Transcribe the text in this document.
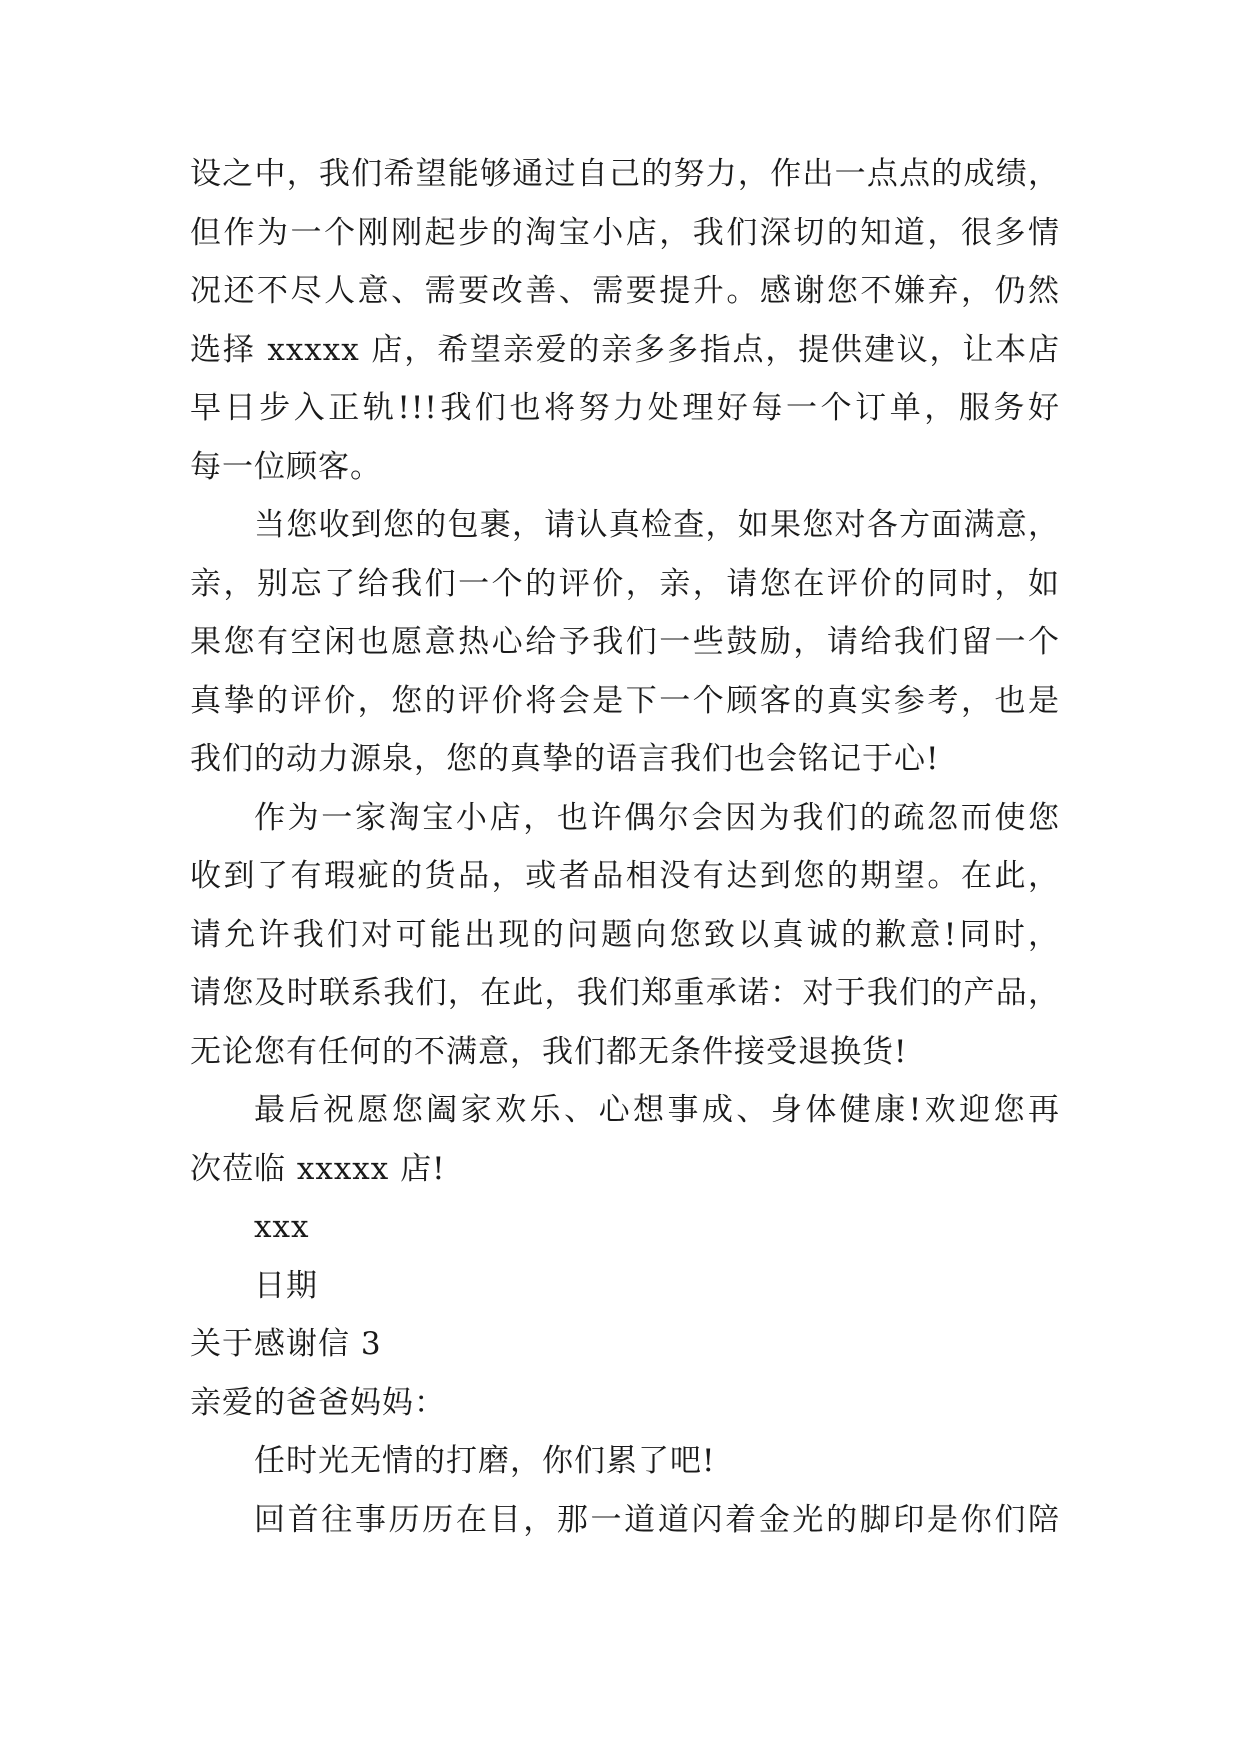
设之中，我们希望能够通过自己的努力，作出一点点的成绩，
但作为一个刚刚起步的淘宝小店，我们深切的知道，很多情
况还不尽人意、需要改善、需要提升。感谢您不嫌弃，仍然
选择 xxxxx 店，希望亲爱的亲多多指点，提供建议，让本店
早日步入正轨!!!我们也将努力处理好每一个订单，服务好
每一位顾客。

当您收到您的包裹，请认真检查，如果您对各方面满意，
亲，别忘了给我们一个的评价，亲，请您在评价的同时，如
果您有空闲也愿意热心给予我们一些鼓励，请给我们留一个
真挚的评价，您的评价将会是下一个顾客的真实参考，也是
我们的动力源泉，您的真挚的语言我们也会铭记于心!

作为一家淘宝小店，也许偶尔会因为我们的疏忽而使您
收到了有瑕疵的货品，或者品相没有达到您的期望。在此，
请允许我们对可能出现的问题向您致以真诚的歉意!同时，
请您及时联系我们，在此，我们郑重承诺：对于我们的产品，
无论您有任何的不满意，我们都无条件接受退换货!

最后祝愿您阖家欢乐、心想事成、身体健康!欢迎您再
次莅临 xxxxx 店!

xxx

日期

关于感谢信 3

亲爱的爸爸妈妈：

任时光无情的打磨，你们累了吧!

回首往事历历在目，那一道道闪着金光的脚印是你们陪
